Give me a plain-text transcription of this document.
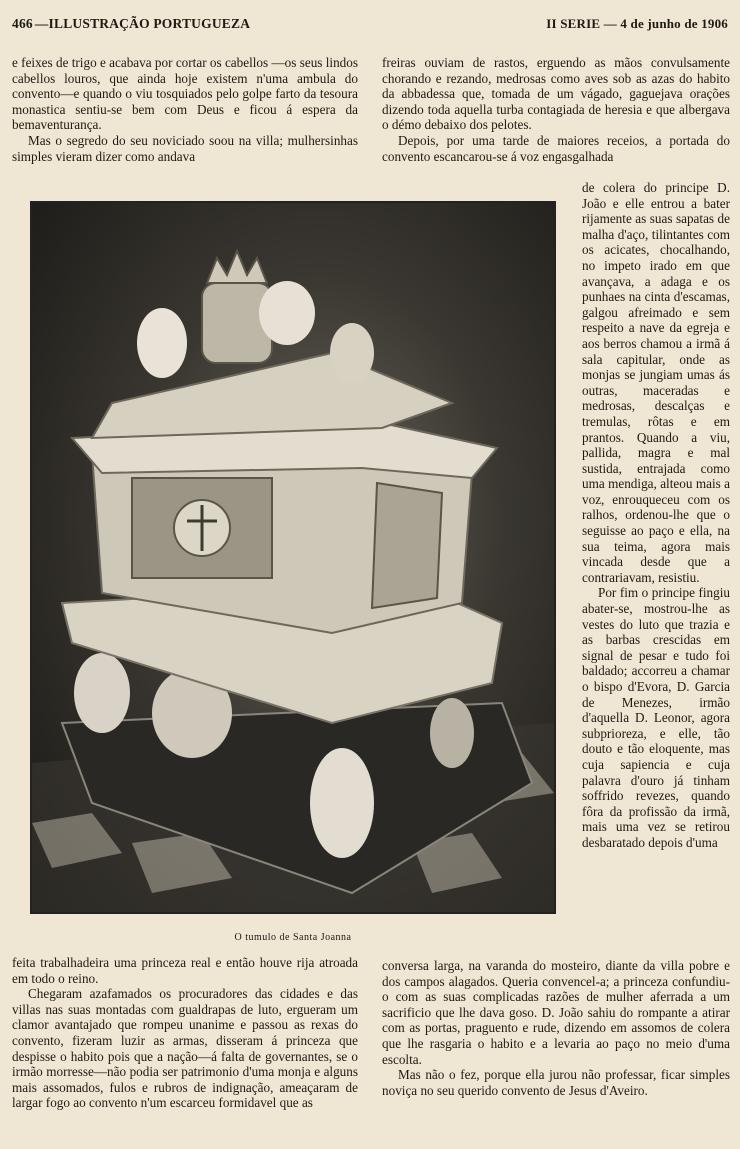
466 —ILLUSTRAÇÃO PORTUGUEZA	II SERIE — 4 de junho de 1906

e feixes de trigo e acabava por cortar os cabellos —os seus lindos cabellos louros, que ainda hoje existem n'uma ambula do convento—e quando o viu tosquiados pelo golpe farto da tesoura monastica sentiu-se bem com Deus e ficou á espera da bemaventurança.

Mas o segredo do seu noviciado soou na villa; mulhersinhas simples vieram dizer como andava

freiras ouviam de rastos, erguendo as mãos convulsamente chorando e rezando, medrosas como aves sob as azas do habito da abbadessa que, tomada de um vágado, gaguejava orações dizendo toda aquella turba contagiada de heresia e que albergava o démo debaixo dos pelotes.

Depois, por uma tarde de maiores receios, a portada do convento escancarou-se á voz engasgalhada

de colera do principe D. João e elle entrou a bater rijamente as suas sapatas de malha d'aço, tilintantes com os acicates, chocalhando, no impeto irado em que avançava, a adaga e os punhaes na cinta d'escamas, galgou afreimado e sem respeito a nave da egreja e aos berros chamou a irmã á sala capitular, onde as monjas se jungiam umas ás outras, maceradas e medrosas, descalças e tremulas, rôtas e em prantos. Quando a viu, pallida, magra e mal sustida, entrajada como uma mendiga, alteou mais a voz, enrouqueceu com os ralhos, ordenou-lhe que o seguisse ao paço e ella, na sua teima, agora mais vincada desde que a contrariavam, resistiu.

Por fim o principe fingiu abater-se, mostrou-lhe as vestes do luto que trazia e as barbas crescidas em signal de pesar e tudo foi baldado; accorreu a chamar o bispo d'Evora, D. Garcia de Menezes, irmão d'aquella D. Leonor, agora subprioreza, e elle, tão douto e tão eloquente, mas cuja sapiencia e cuja palavra d'ouro já tinham soffrido revezes, quando fôra da profissão da irmã, mais uma vez se retirou desbaratado depois d'uma

O tumulo de Santa Joanna

feita trabalhadeira uma princeza real e então houve rija atroada em todo o reino.

Chegaram azafamados os procuradores das cidades e das villas nas suas montadas com gualdrapas de luto, ergueram um clamor avantajado que rompeu unanime e passou as rexas do convento, fizeram luzir as armas, disseram á princeza que despisse o habito pois que a nação—á falta de governantes, se o irmão morresse—não podia ser patrimonio d'uma monja e alguns mais assomados, fulos e rubros de indignação, ameaçaram de largar fogo ao convento n'um escarceu formidavel que as

conversa larga, na varanda do mosteiro, diante da villa pobre e dos campos alagados. Queria convencel-a; a princeza confundiu-o com as suas complicadas razões de mulher aferrada a um sacrificio que lhe dava goso. D. João sahiu do rompante a atirar com as portas, praguento e rude, dizendo em assomos de colera que lhe rasgaria o habito e a levaria ao paço no meio d'uma escolta.

Mas não o fez, porque ella jurou não professar, ficar simples noviça no seu querido convento de Jesus d'Aveiro.
